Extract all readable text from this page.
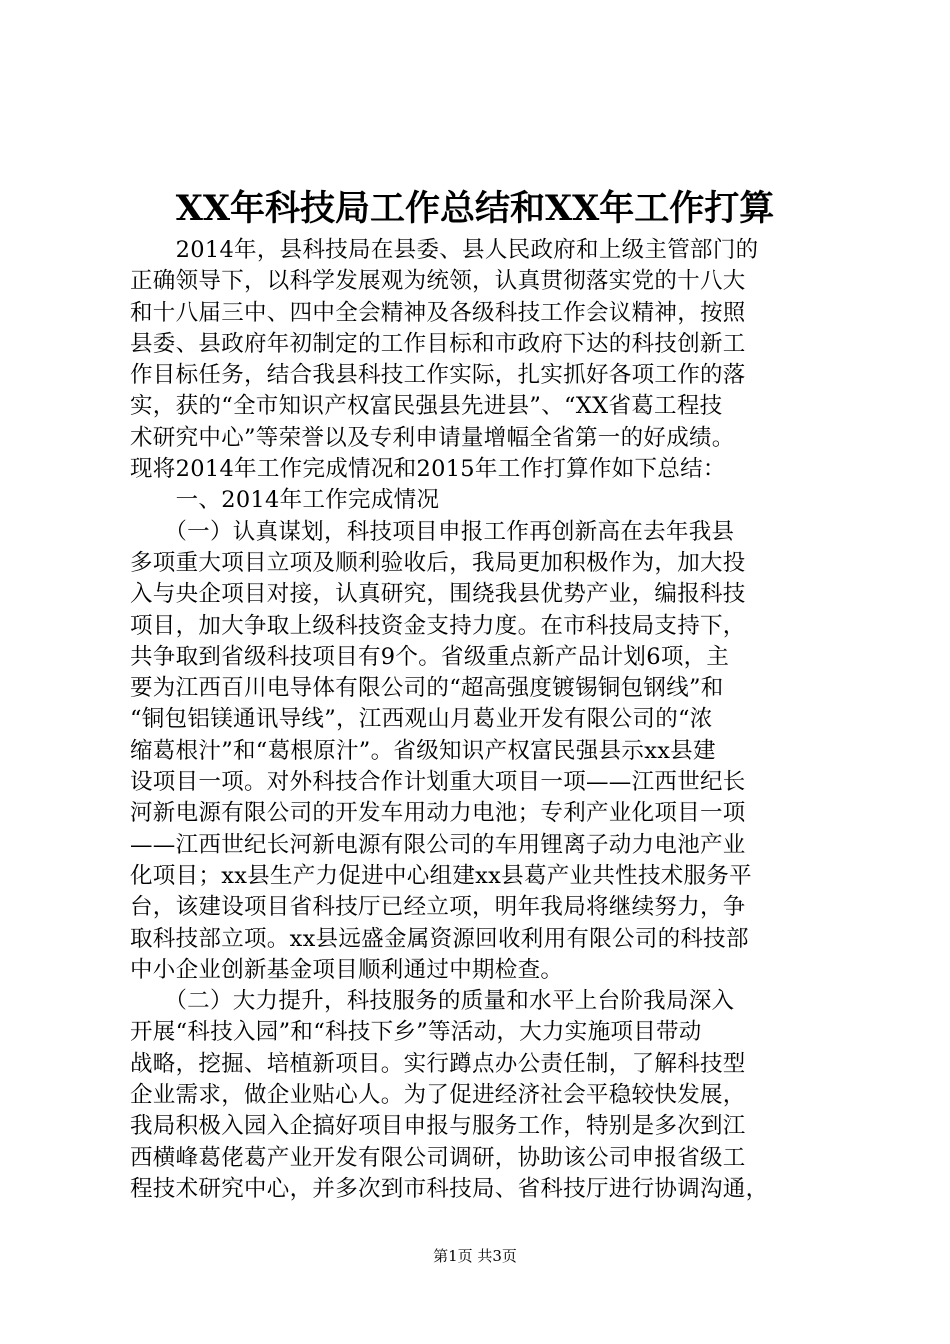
XX年科技局工作总结和XX年工作打算
　　2014年，县科技局在县委、县人民政府和上级主管部门的
正确领导下，以科学发展观为统领，认真贯彻落实党的十八大
和十八届三中、四中全会精神及各级科技工作会议精神，按照
县委、县政府年初制定的工作目标和市政府下达的科技创新工
作目标任务，结合我县科技工作实际，扎实抓好各项工作的落
实，获的“全市知识产权富民强县先进县”、“XX省葛工程技
术研究中心”等荣誉以及专利申请量增幅全省第一的好成绩。
现将2014年工作完成情况和2015年工作打算作如下总结：
　　一、2014年工作完成情况
　　（一）认真谋划，科技项目申报工作再创新高在去年我县
多项重大项目立项及顺利验收后，我局更加积极作为，加大投
入与央企项目对接，认真研究，围绕我县优势产业，编报科技
项目，加大争取上级科技资金支持力度。在市科技局支持下，
共争取到省级科技项目有9个。省级重点新产品计划6项，主
要为江西百川电导体有限公司的“超高强度镀锡铜包钢线”和
“铜包铝镁通讯导线”，江西观山月葛业开发有限公司的“浓
缩葛根汁”和“葛根原汁”。省级知识产权富民强县示xx县建
设项目一项。对外科技合作计划重大项目一项——江西世纪长
河新电源有限公司的开发车用动力电池；专利产业化项目一项
——江西世纪长河新电源有限公司的车用锂离子动力电池产业
化项目；xx县生产力促进中心组建xx县葛产业共性技术服务平
台，该建设项目省科技厅已经立项，明年我局将继续努力，争
取科技部立项。xx县远盛金属资源回收利用有限公司的科技部
中小企业创新基金项目顺利通过中期检查。
　　（二）大力提升，科技服务的质量和水平上台阶我局深入
开展“科技入园”和“科技下乡”等活动，大力实施项目带动
战略，挖掘、培植新项目。实行蹲点办公责任制，了解科技型
企业需求，做企业贴心人。为了促进经济社会平稳较快发展，
我局积极入园入企搞好项目申报与服务工作，特别是多次到江
西横峰葛佬葛产业开发有限公司调研，协助该公司申报省级工
程技术研究中心，并多次到市科技局、省科技厅进行协调沟通，
第1页 共3页
